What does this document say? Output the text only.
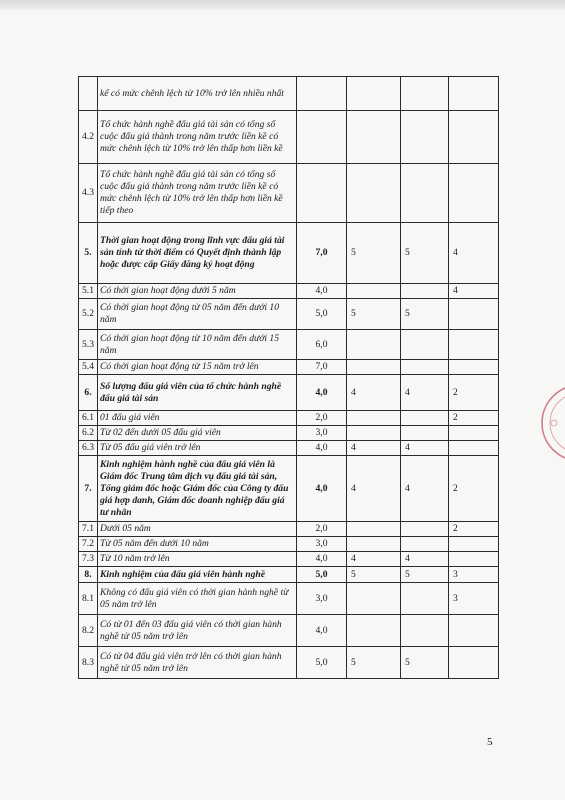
	kể có mức chênh lệch từ 10% trở lên nhiều nhất				
4.2	Tổ chức hành nghề đấu giá tài sản có tổng số cuộc đấu giá thành trong năm trước liền kề có mức chênh lệch từ 10% trở lên thấp hơn liền kề				
4.3	Tổ chức hành nghề đấu giá tài sản có tổng số cuộc đấu giá thành trong năm trước liền kề có mức chênh lệch từ 10% trở lên thấp hơn liền kề tiếp theo				
5.	Thời gian hoạt động trong lĩnh vực đấu giá tài sản tính từ thời điểm có Quyết định thành lập hoặc được cấp Giấy đăng ký hoạt động	7,0	5	5	4
5.1	Có thời gian hoạt động dưới 5 năm	4,0			4
5.2	Có thời gian hoạt động từ 05 năm đến dưới 10 năm	5,0	5	5	
5.3	Có thời gian hoạt động từ 10 năm đến dưới 15 năm	6,0			
5.4	Có thời gian hoạt động từ 15 năm trở lên	7,0			
6.	Số lượng đấu giá viên của tổ chức hành nghề đấu giá tài sản	4,0	4	4	2
6.1	01 đấu giá viên	2,0			2
6.2	Từ 02 đến dưới 05 đấu giá viên	3,0			
6.3	Từ 05 đấu giá viên trở lên	4,0	4	4	
7.	Kinh nghiệm hành nghề của đấu giá viên là Giám đốc Trung tâm dịch vụ đấu giá tài sản, Tổng giám đốc hoặc Giám đốc của Công ty đấu giá hợp danh, Giám đốc doanh nghiệp đấu giá tư nhân	4,0	4	4	2
7.1	Dưới 05 năm	2,0			2
7.2	Từ 05 năm đến dưới 10 năm	3,0			
7.3	Từ 10 năm trở lên	4,0	4	4	
8.	Kinh nghiệm của đấu giá viên hành nghề	5,0	5	5	3
8.1	Không có đấu giá viên có thời gian hành nghề từ 05 năm trở lên	3,0			3
8.2	Có từ 01 đến 03 đấu giá viên có thời gian hành nghề từ 05 năm trở lên	4,0			
8.3	Có từ 04 đấu giá viên trở lên có thời gian hành nghề từ 05 năm trở lên	5,0	5	5	
5
